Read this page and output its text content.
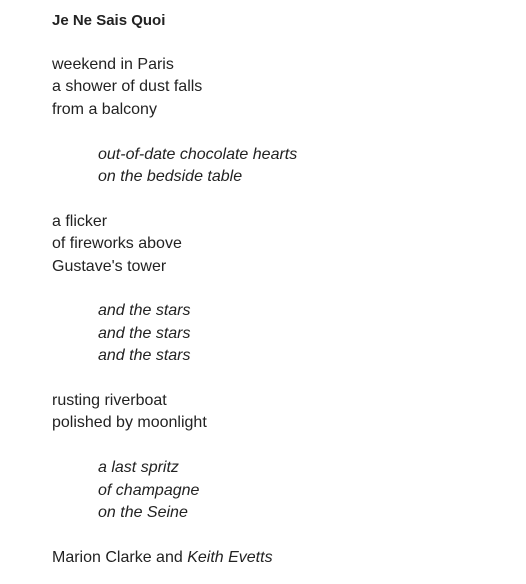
Je Ne Sais Quoi
weekend in Paris
a shower of dust falls
from a balcony
out-of-date chocolate hearts
on the bedside table
a flicker
of fireworks above
Gustave's tower
and the stars
and the stars
and the stars
rusting riverboat
polished by moonlight
a last spritz
of champagne
on the Seine
Marion Clarke and Keith Evetts
